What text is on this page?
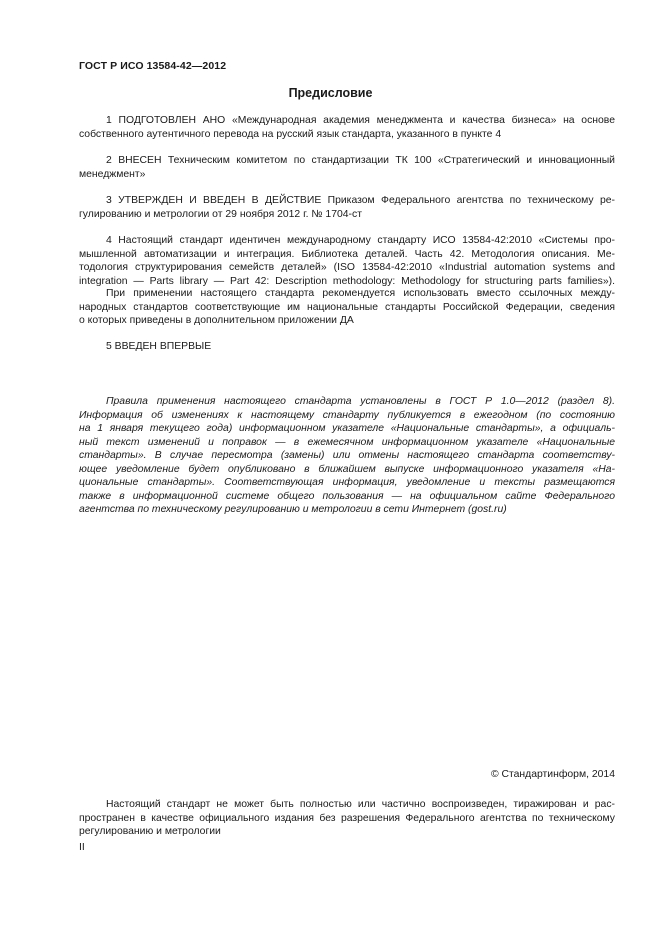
ГОСТ Р ИСО 13584-42—2012
Предисловие
1 ПОДГОТОВЛЕН АНО «Международная академия менеджмента и качества бизнеса» на основе
собственного аутентичного перевода на русский язык стандарта, указанного в пункте 4
2 ВНЕСЕН Техническим комитетом по стандартизации ТК 100 «Стратегический и инновационный
менеджмент»
3 УТВЕРЖДЕН И ВВЕДЕН В ДЕЙСТВИЕ Приказом Федерального агентства по техническому ре-
гулированию и метрологии от 29 ноября 2012 г. № 1704-ст
4 Настоящий стандарт идентичен международному стандарту ИСО 13584-42:2010 «Системы про-
мышленной автоматизации и интеграция. Библиотека деталей. Часть 42. Методология описания. Ме-
тодология структурирования семейств деталей» (ISO 13584-42:2010 «Industrial automation systems and
integration — Parts library — Part 42: Description methodology: Methodology for structuring parts families»).
При применении настоящего стандарта рекомендуется использовать вместо ссылочных между-
народных стандартов соответствующие им национальные стандарты Российской Федерации, сведения
о которых приведены в дополнительном приложении ДА
5 ВВЕДЕН ВПЕРВЫЕ
Правила применения настоящего стандарта установлены в ГОСТ Р 1.0—2012 (раздел 8).
Информация об изменениях к настоящему стандарту публикуется в ежегодном (по состоянию
на 1 января текущего года) информационном указателе «Национальные стандарты», а официаль-
ный текст изменений и поправок — в ежемесячном информационном указателе «Национальные
стандарты». В случае пересмотра (замены) или отмены настоящего стандарта соответству-
ющее уведомление будет опубликовано в ближайшем выпуске информационного указателя «На-
циональные стандарты». Соответствующая информация, уведомление и тексты размещаются
также в информационной системе общего пользования — на официальном сайте Федерального
агентства по техническому регулированию и метрологии в сети Интернет (gost.ru)
© Стандартинформ, 2014
Настоящий стандарт не может быть полностью или частично воспроизведен, тиражирован и рас-
пространен в качестве официального издания без разрешения Федерального агентства по техническому
регулированию и метрологии
II
